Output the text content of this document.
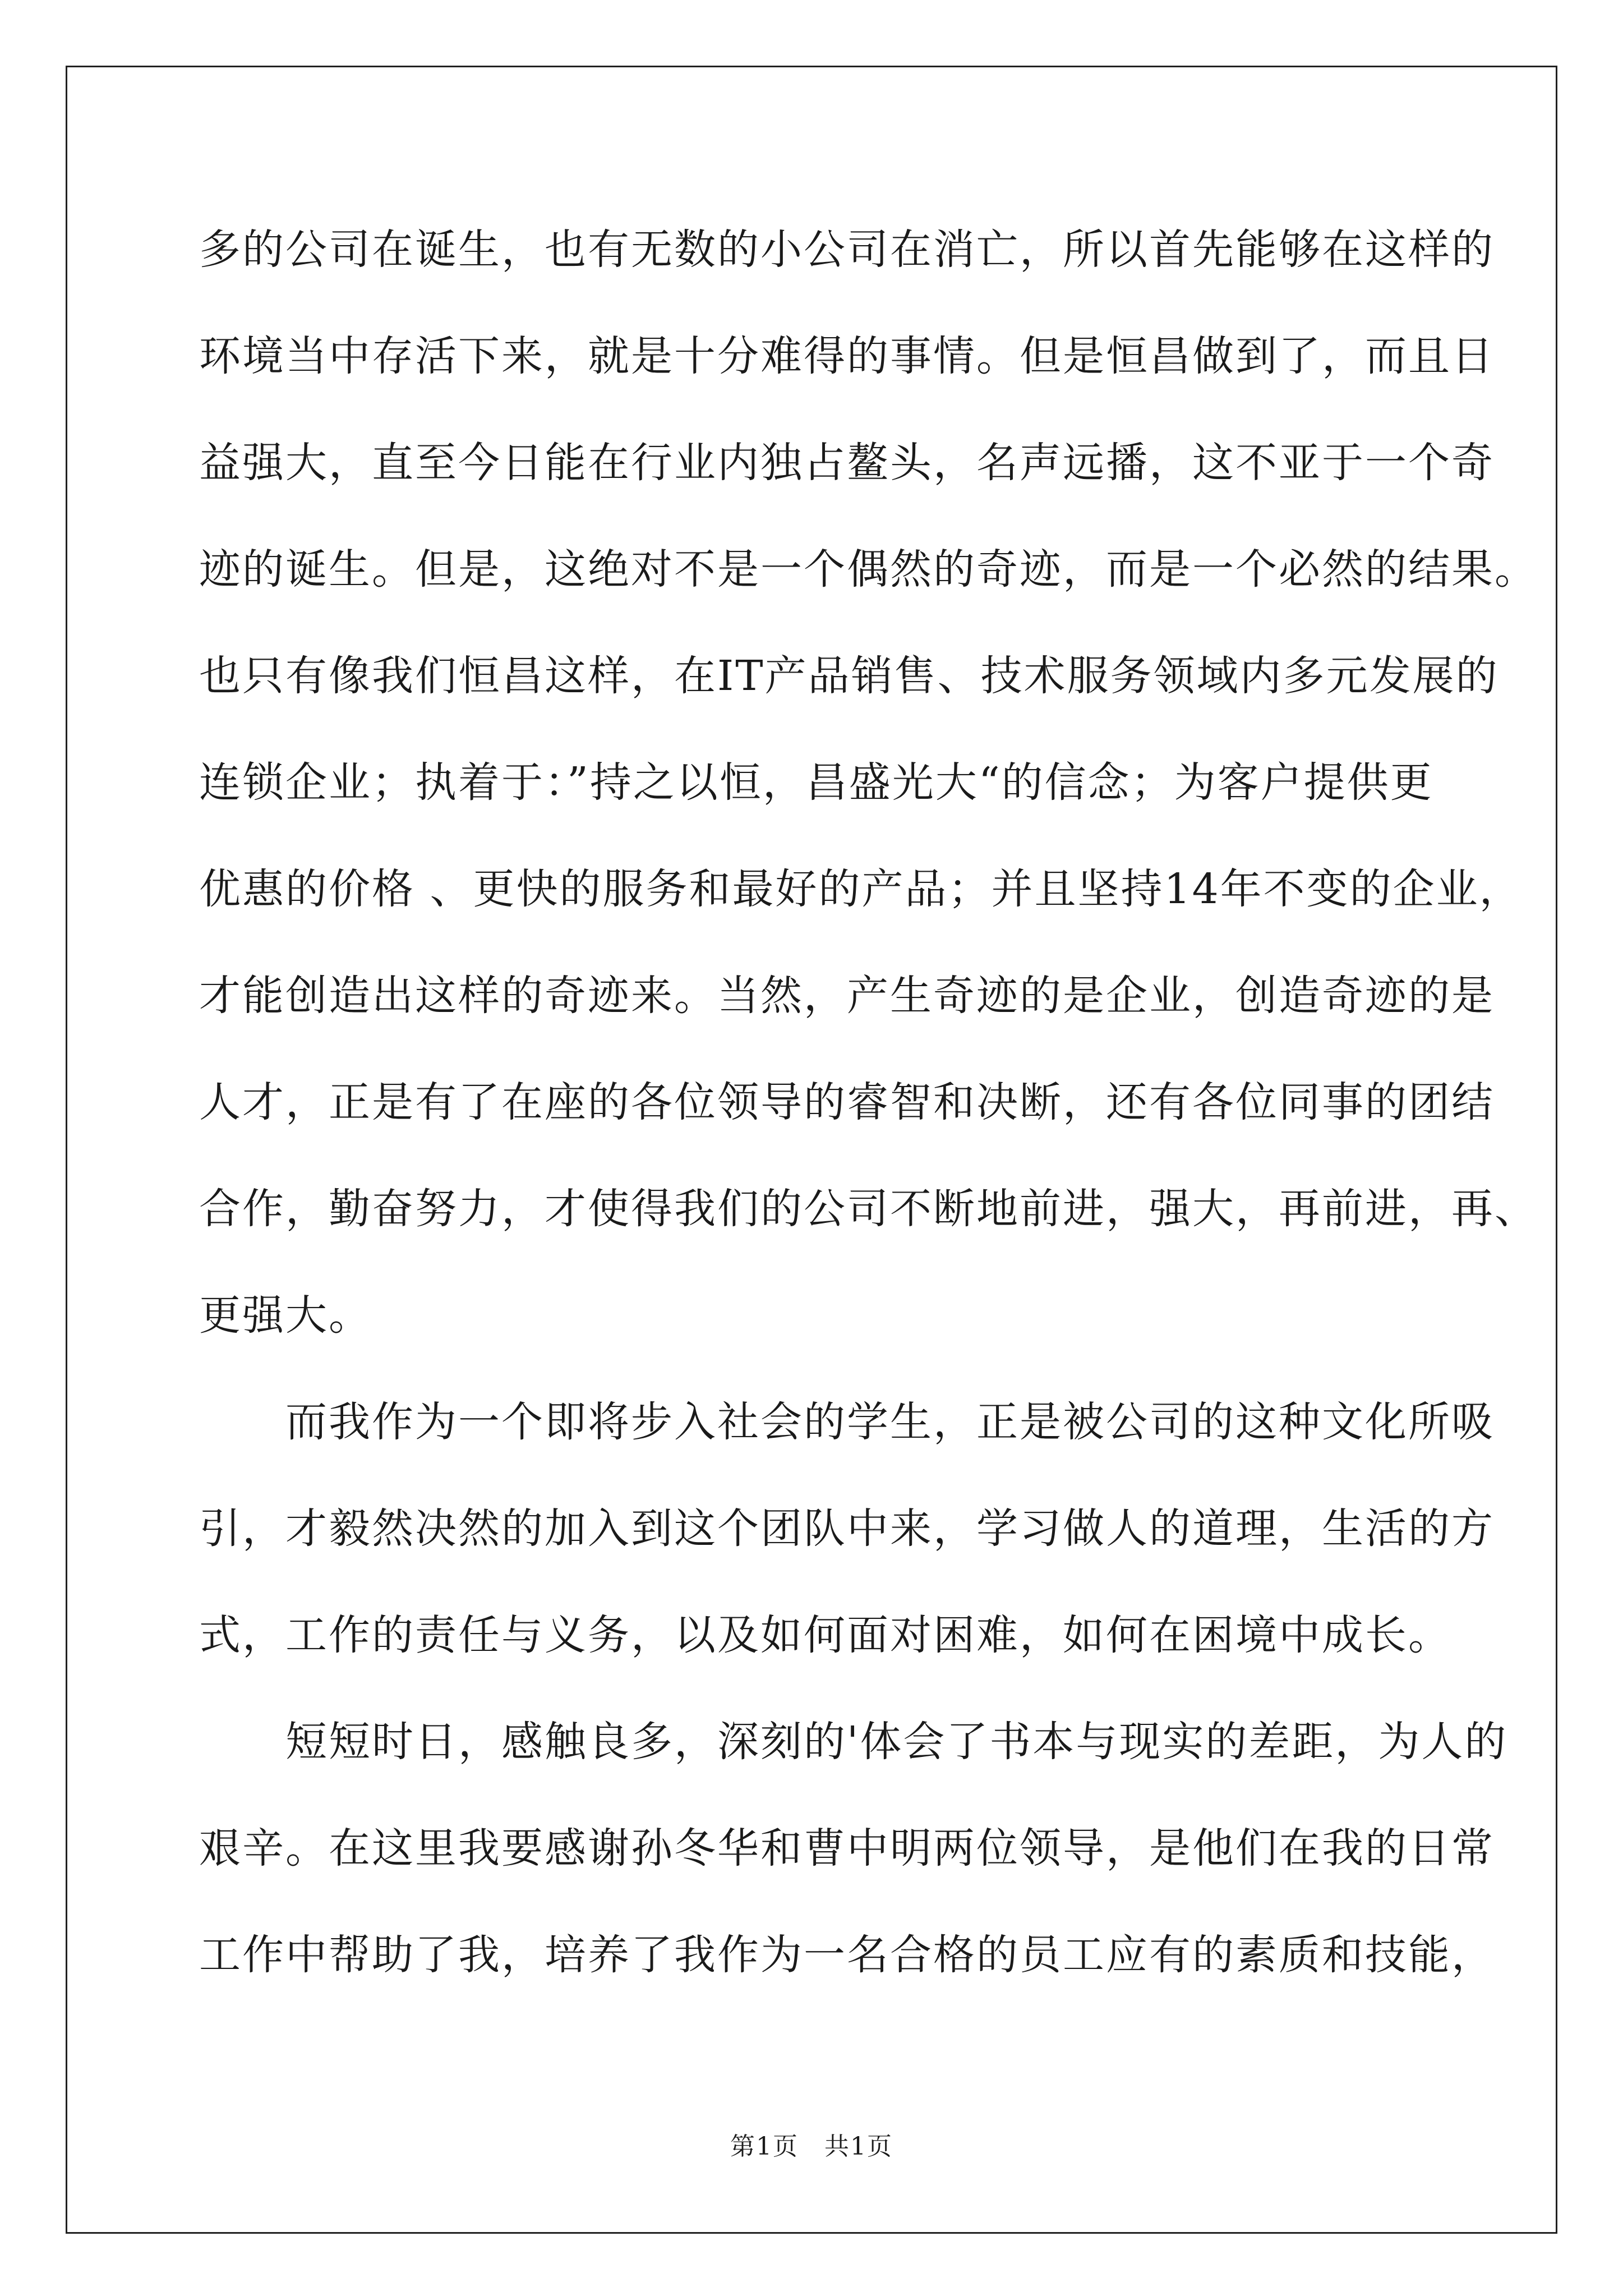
多的公司在诞生，也有无数的小公司在消亡，所以首先能够在这样的
环境当中存活下来，就是十分难得的事情。但是恒昌做到了，而且日
益强大，直至今日能在行业内独占鳌头，名声远播，这不亚于一个奇
迹的诞生。但是，这绝对不是一个偶然的奇迹，而是一个必然的结果。
也只有像我们恒昌这样，在IT产品销售、技术服务领域内多元发展的
连锁企业；执着于：”持之以恒，昌盛光大“的信念；为客户提供更
优惠的价格 、更快的服务和最好的产品；并且坚持14年不变的企业，
才能创造出这样的奇迹来。当然，产生奇迹的是企业，创造奇迹的是
人才，正是有了在座的各位领导的睿智和决断，还有各位同事的团结
合作，勤奋努力，才使得我们的公司不断地前进，强大，再前进，再、
更强大。
　　而我作为一个即将步入社会的学生，正是被公司的这种文化所吸
引，才毅然决然的加入到这个团队中来，学习做人的道理，生活的方
式，工作的责任与义务，以及如何面对困难，如何在困境中成长。
　　短短时日，感触良多，深刻的'体会了书本与现实的差距，为人的
艰辛。在这里我要感谢孙冬华和曹中明两位领导，是他们在我的日常
工作中帮助了我，培养了我作为一名合格的员工应有的素质和技能，
第1页　共1页
